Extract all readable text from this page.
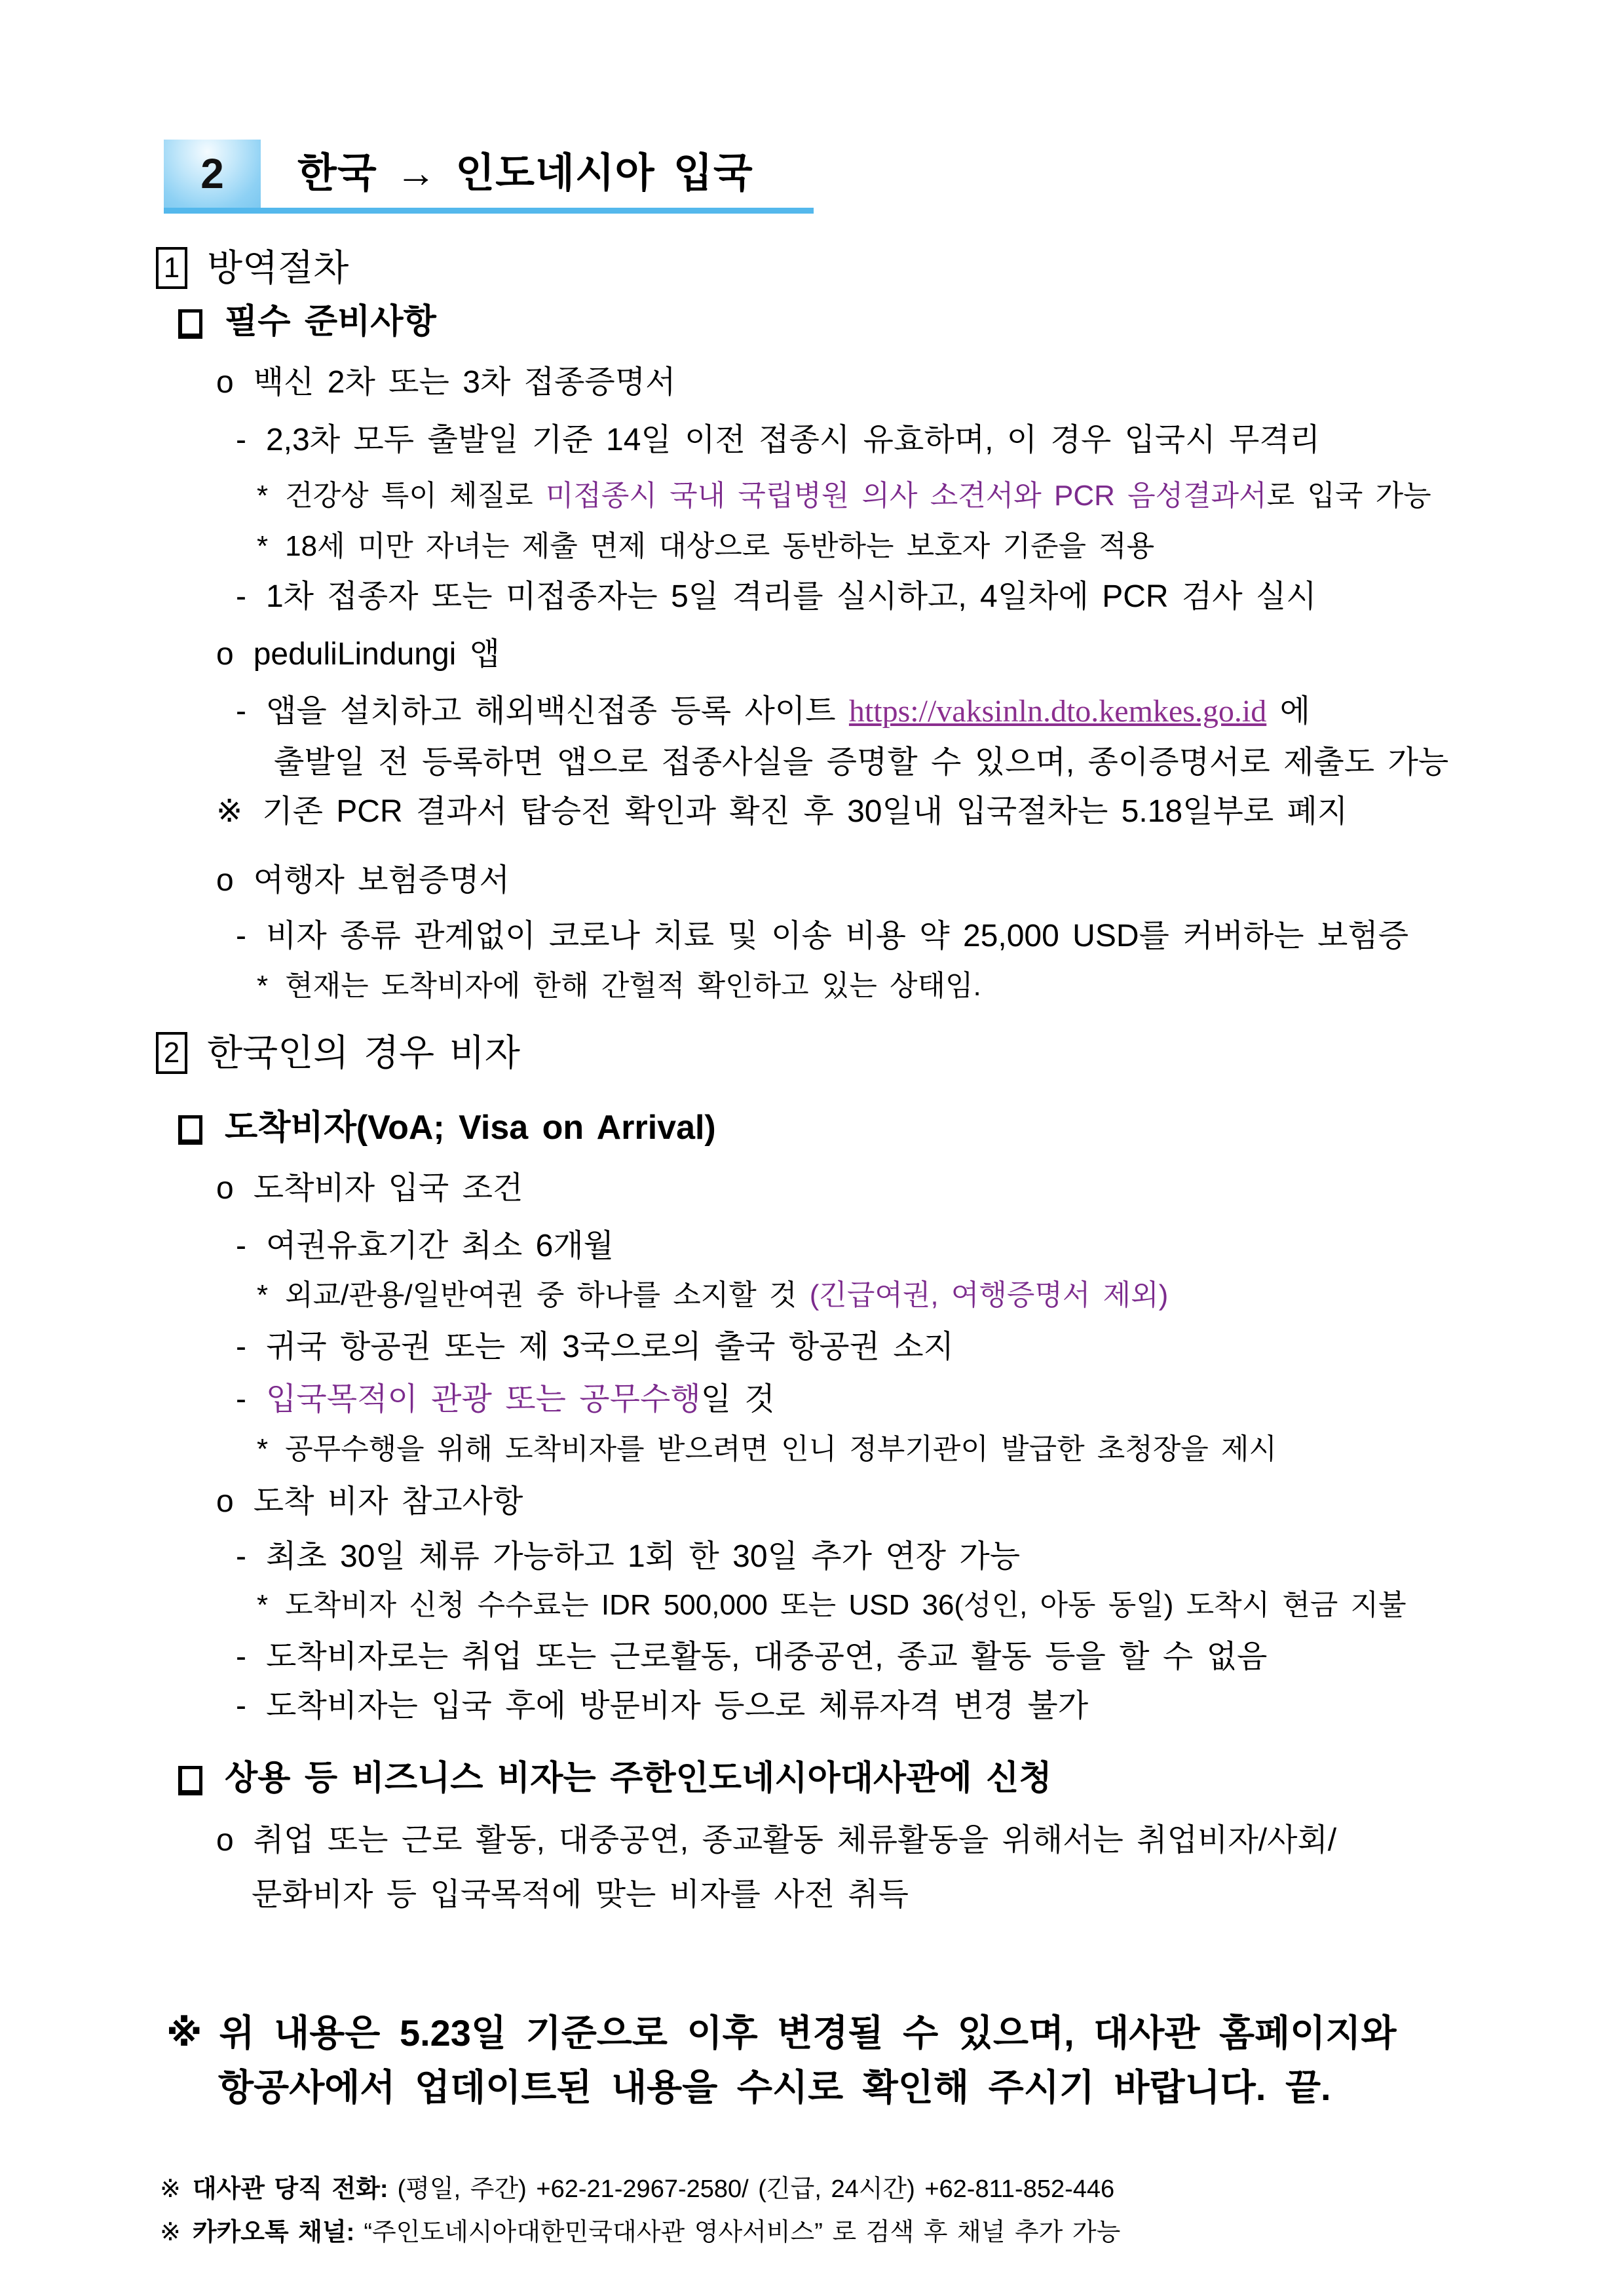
2	한국 → 인도네시아 입국
1 방역절차
필수 준비사항
o 백신 2차 또는 3차 접종증명서
- 2,3차 모두 출발일 기준 14일 이전 접종시 유효하며, 이 경우 입국시 무격리
* 건강상 특이 체질로 미접종시 국내 국립병원 의사 소견서와 PCR 음성결과서로 입국 가능
* 18세 미만 자녀는 제출 면제 대상으로 동반하는 보호자 기준을 적용
- 1차 접종자 또는 미접종자는 5일 격리를 실시하고, 4일차에 PCR 검사 실시
o peduliLindungi 앱
- 앱을 설치하고 해외백신접종 등록 사이트 https://vaksinln.dto.kemkes.go.id 에
출발일 전 등록하면 앱으로 접종사실을 증명할 수 있으며, 종이증명서로 제출도 가능
※ 기존 PCR 결과서 탑승전 확인과 확진 후 30일내 입국절차는 5.18일부로 폐지
o 여행자 보험증명서
- 비자 종류 관계없이 코로나 치료 및 이송 비용 약 25,000 USD를 커버하는 보험증
* 현재는 도착비자에 한해 간헐적 확인하고 있는 상태임.
2 한국인의 경우 비자
도착비자(VoA; Visa on Arrival)
o 도착비자 입국 조건
- 여권유효기간 최소 6개월
* 외교/관용/일반여권 중 하나를 소지할 것 (긴급여권, 여행증명서 제외)
- 귀국 항공권 또는 제 3국으로의 출국 항공권 소지
- 입국목적이 관광 또는 공무수행일 것
* 공무수행을 위해 도착비자를 받으려면 인니 정부기관이 발급한 초청장을 제시
o 도착 비자 참고사항
- 최초 30일 체류 가능하고 1회 한 30일 추가 연장 가능
* 도착비자 신청 수수료는 IDR 500,000 또는 USD 36(성인, 아동 동일) 도착시 현금 지불
- 도착비자로는 취업 또는 근로활동, 대중공연, 종교 활동 등을 할 수 없음
- 도착비자는 입국 후에 방문비자 등으로 체류자격 변경 불가
상용 등 비즈니스 비자는 주한인도네시아대사관에 신청
o 취업 또는 근로 활동, 대중공연, 종교활동 체류활동을 위해서는 취업비자/사회/
문화비자 등 입국목적에 맞는 비자를 사전 취득
※ 위 내용은 5.23일 기준으로 이후 변경될 수 있으며, 대사관 홈페이지와
항공사에서 업데이트된 내용을 수시로 확인해 주시기 바랍니다. 끝.
※ 대사관 당직 전화: (평일, 주간) +62-21-2967-2580/ (긴급, 24시간) +62-811-852-446
※ 카카오톡 채널: “주인도네시아대한민국대사관 영사서비스” 로 검색 후 채널 추가 가능
